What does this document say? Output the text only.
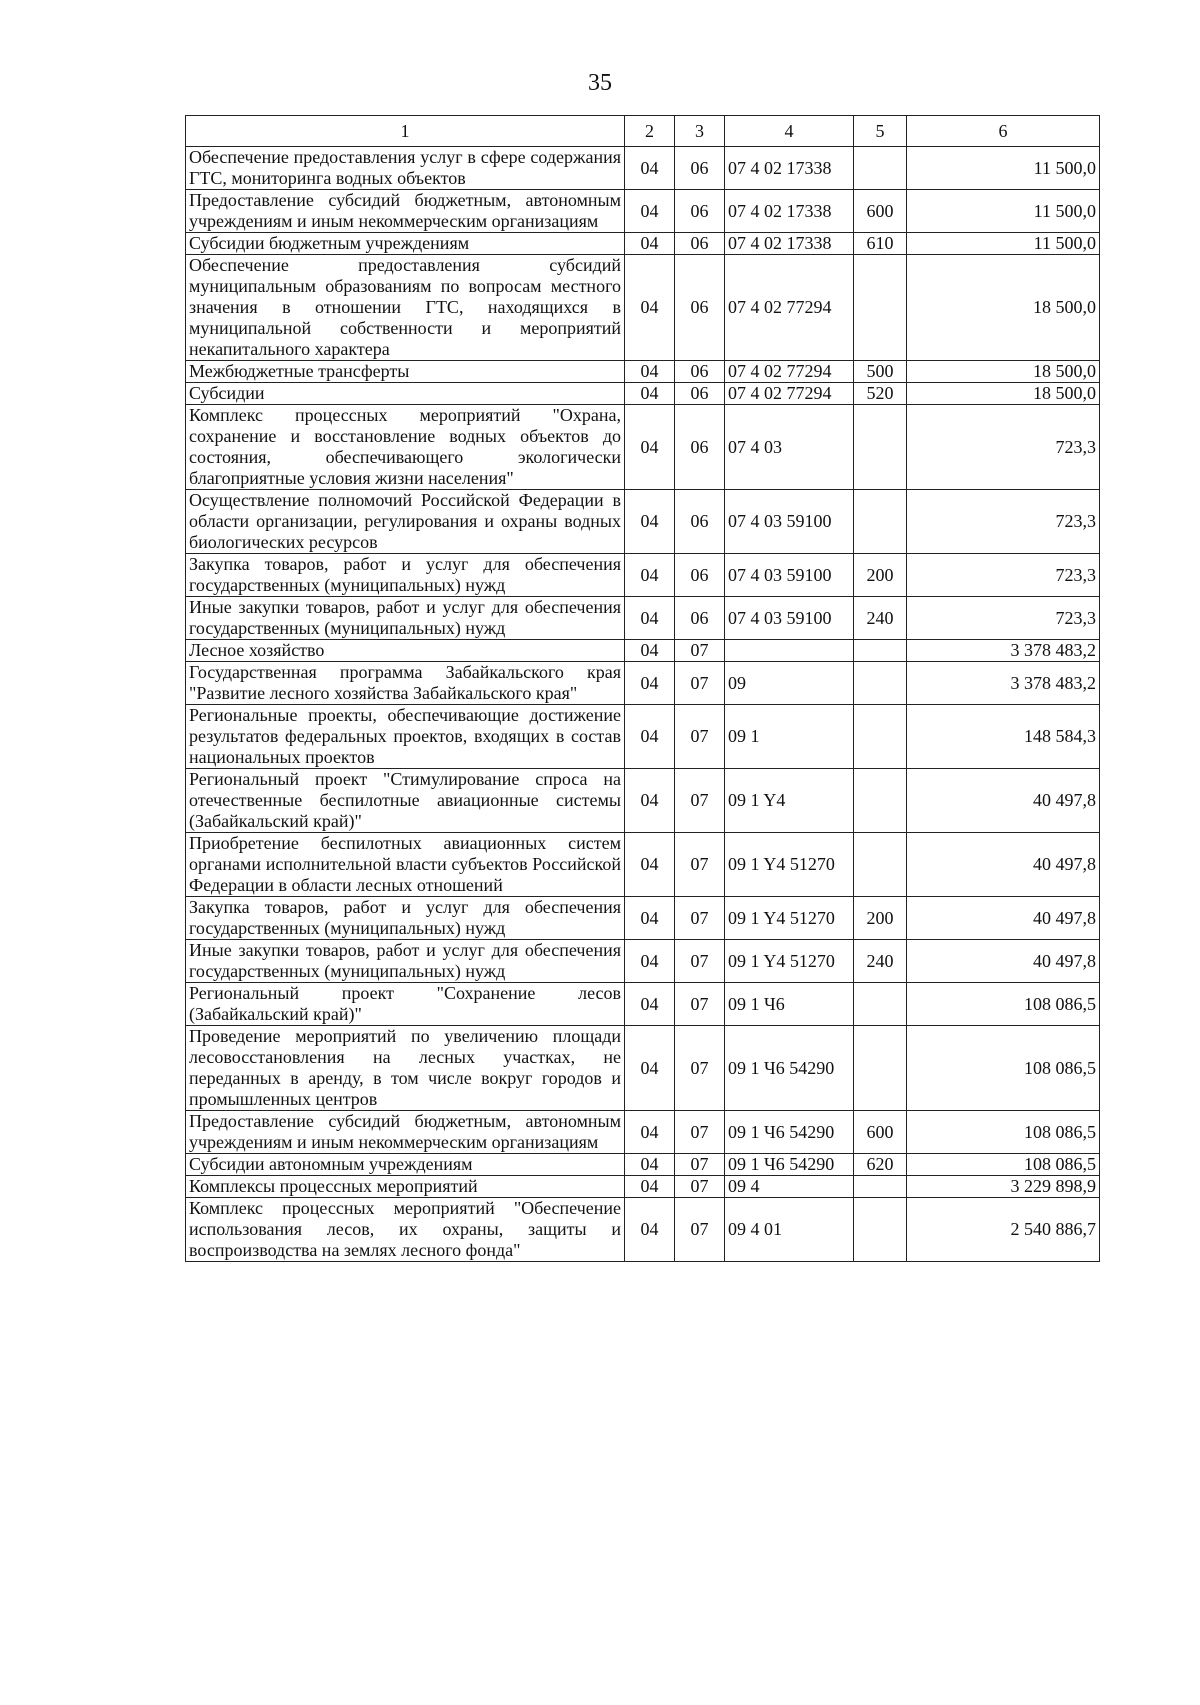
35
1	2	3	4	5	6
Обеспечение предоставления услуг в сфере содержания ГТС, мониторинга водных объектов	04	06	07 4 02 17338		11 500,0
Предоставление субсидий бюджетным, автономным учреждениям и иным некоммерческим организациям	04	06	07 4 02 17338	600	11 500,0
Субсидии бюджетным учреждениям	04	06	07 4 02 17338	610	11 500,0
Обеспечение предоставления субсидий муниципальным образованиям по вопросам местного значения в отношении ГТС, находящихся в муниципальной собственности и мероприятий некапитального характера	04	06	07 4 02 77294		18 500,0
Межбюджетные трансферты	04	06	07 4 02 77294	500	18 500,0
Субсидии	04	06	07 4 02 77294	520	18 500,0
Комплекс процессных мероприятий "Охрана, сохранение и восстановление водных объектов до состояния, обеспечивающего экологически благоприятные условия жизни населения"	04	06	07 4 03		723,3
Осуществление полномочий Российской Федерации в области организации, регулирования и охраны водных биологических ресурсов	04	06	07 4 03 59100		723,3
Закупка товаров, работ и услуг для обеспечения государственных (муниципальных) нужд	04	06	07 4 03 59100	200	723,3
Иные закупки товаров, работ и услуг для обеспечения государственных (муниципальных) нужд	04	06	07 4 03 59100	240	723,3
Лесное хозяйство	04	07			3 378 483,2
Государственная программа Забайкальского края "Развитие лесного хозяйства Забайкальского края"	04	07	09		3 378 483,2
Региональные проекты, обеспечивающие достижение результатов федеральных проектов, входящих в состав национальных проектов	04	07	09 1		148 584,3
Региональный проект "Стимулирование спроса на отечественные беспилотные авиационные системы (Забайкальский край)"	04	07	09 1 Y4		40 497,8
Приобретение беспилотных авиационных систем органами исполнительной власти субъектов Российской Федерации в области лесных отношений	04	07	09 1 Y4 51270		40 497,8
Закупка товаров, работ и услуг для обеспечения государственных (муниципальных) нужд	04	07	09 1 Y4 51270	200	40 497,8
Иные закупки товаров, работ и услуг для обеспечения государственных (муниципальных) нужд	04	07	09 1 Y4 51270	240	40 497,8
Региональный проект "Сохранение лесов (Забайкальский край)"	04	07	09 1 Ч6		108 086,5
Проведение мероприятий по увеличению площади лесовосстановления на лесных участках, не переданных в аренду, в том числе вокруг городов и промышленных центров	04	07	09 1 Ч6 54290		108 086,5
Предоставление субсидий бюджетным, автономным учреждениям и иным некоммерческим организациям	04	07	09 1 Ч6 54290	600	108 086,5
Субсидии автономным учреждениям	04	07	09 1 Ч6 54290	620	108 086,5
Комплексы процессных мероприятий	04	07	09 4		3 229 898,9
Комплекс процессных мероприятий "Обеспечение использования лесов, их охраны, защиты и воспроизводства на землях лесного фонда"	04	07	09 4 01		2 540 886,7
